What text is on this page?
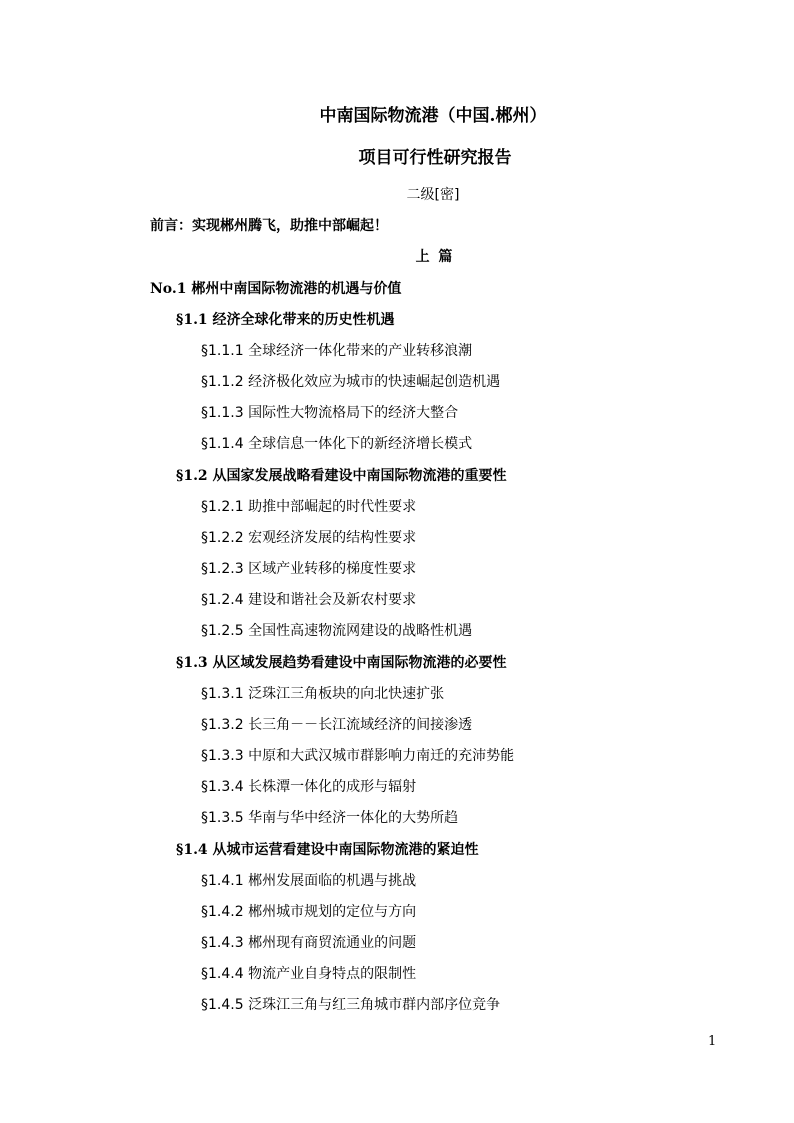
中南国际物流港（中国.郴州）
项目可行性研究报告
二级[密]
前言：实现郴州腾飞，助推中部崛起！
上 篇
No.1 郴州中南国际物流港的机遇与价值
§1.1 经济全球化带来的历史性机遇
§1.1.1 全球经济一体化带来的产业转移浪潮
§1.1.2 经济极化效应为城市的快速崛起创造机遇
§1.1.3 国际性大物流格局下的经济大整合
§1.1.4 全球信息一体化下的新经济增长模式
§1.2 从国家发展战略看建设中南国际物流港的重要性
§1.2.1 助推中部崛起的时代性要求
§1.2.2 宏观经济发展的结构性要求
§1.2.3 区域产业转移的梯度性要求
§1.2.4 建设和谐社会及新农村要求
§1.2.5 全国性高速物流网建设的战略性机遇
§1.3 从区域发展趋势看建设中南国际物流港的必要性
§1.3.1 泛珠江三角板块的向北快速扩张
§1.3.2 长三角－－长江流域经济的间接渗透
§1.3.3 中原和大武汉城市群影响力南迁的充沛势能
§1.3.4 长株潭一体化的成形与辐射
§1.3.5 华南与华中经济一体化的大势所趋
§1.4 从城市运营看建设中南国际物流港的紧迫性
§1.4.1 郴州发展面临的机遇与挑战
§1.4.2 郴州城市规划的定位与方向
§1.4.3 郴州现有商贸流通业的问题
§1.4.4 物流产业自身特点的限制性
§1.4.5 泛珠江三角与红三角城市群内部序位竞争
1
